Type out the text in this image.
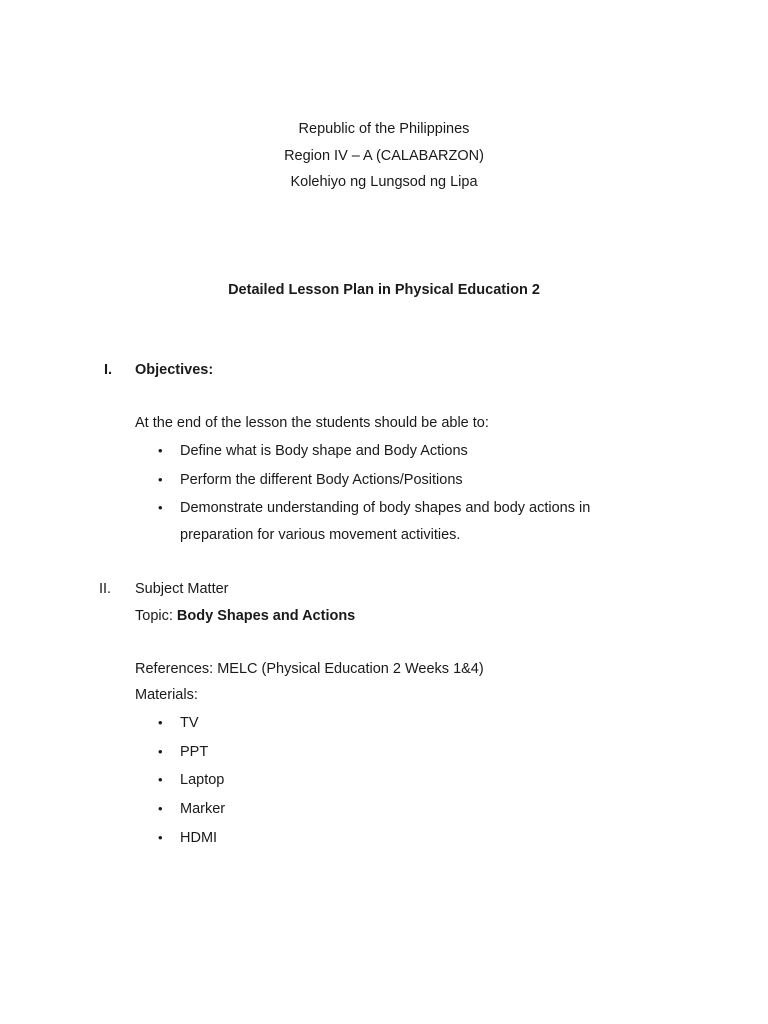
Republic of the Philippines
Region IV – A (CALABARZON)
Kolehiyo ng Lungsod ng Lipa
Detailed Lesson Plan in Physical Education 2
I. Objectives:
At the end of the lesson the students should be able to:
• Define what is Body shape and Body Actions
• Perform the different Body Actions/Positions
• Demonstrate understanding of body shapes and body actions in
preparation for various movement activities.
II. Subject Matter
Topic: Body Shapes and Actions
References: MELC (Physical Education 2 Weeks 1&4)
Materials:
• TV
• PPT
• Laptop
• Marker
• HDMI
